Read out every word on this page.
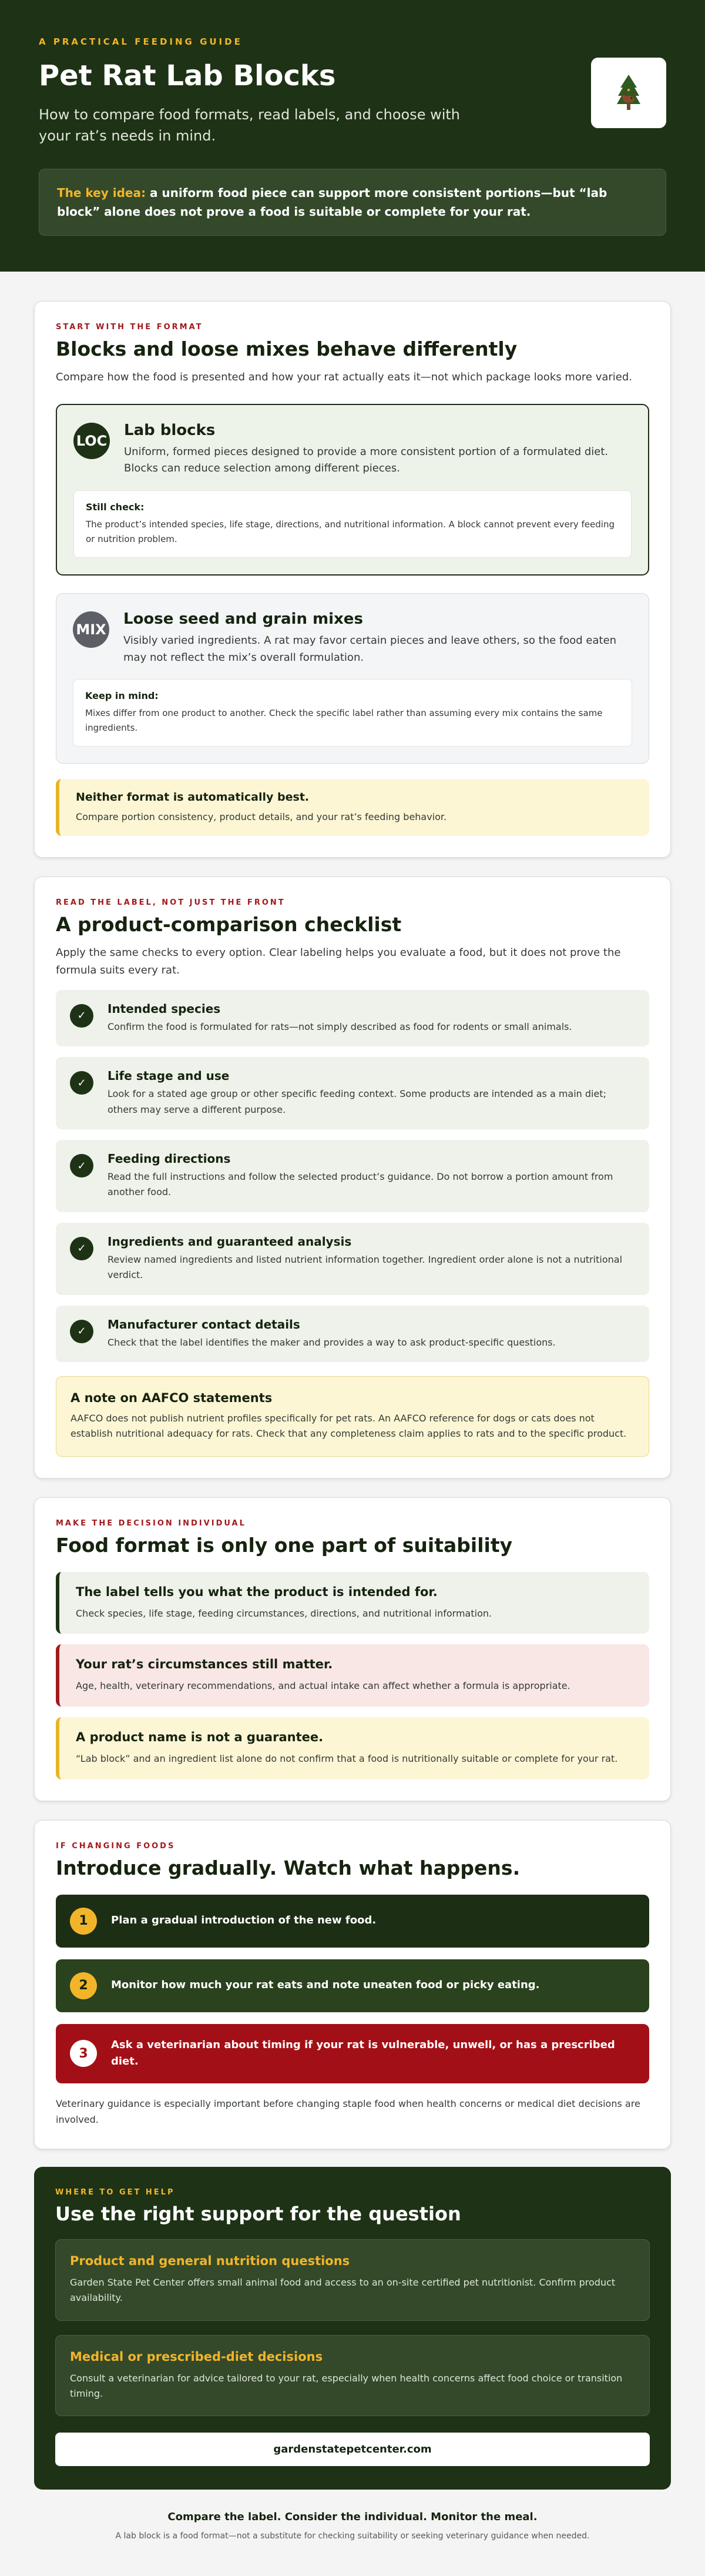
A PRACTICAL FEEDING GUIDE
Pet Rat Lab Blocks

How to compare food formats, read labels, and choose with your rat’s needs in mind.

The key idea: a uniform food piece can support more consistent portions—but “lab block” alone does not prove a food is suitable or complete for your rat.
START WITH THE FORMAT
Blocks and loose mixes behave differently

Compare how the food is presented and how your rat actually eats it—not which package looks more varied.

LOC
Lab blocks

Uniform, formed pieces designed to provide a more consistent portion of a formulated diet. Blocks can reduce selection among different pieces.

Still check:
The product’s intended species, life stage, directions, and nutritional information. A block cannot prevent every feeding or nutrition problem.
MIX
Loose seed and grain mixes

Visibly varied ingredients. A rat may favor certain pieces and leave others, so the food eaten may not reflect the mix’s overall formulation.

Keep in mind:
Mixes differ from one product to another. Check the specific label rather than assuming every mix contains the same ingredients.
Neither format is automatically best.
Compare portion consistency, product details, and your rat’s feeding behavior.
READ THE LABEL, NOT JUST THE FRONT
A product-comparison checklist

Apply the same checks to every option. Clear labeling helps you evaluate a food, but it does not prove the formula suits every rat.

✓	Intended species
Confirm the food is formulated for rats—not simply described as food for rodents or small animals.
✓	Life stage and use
Look for a stated age group or other specific feeding context. Some products are intended as a main diet; others may serve a different purpose.
✓	Feeding directions
Read the full instructions and follow the selected product’s guidance. Do not borrow a portion amount from another food.
✓	Ingredients and guaranteed analysis
Review named ingredients and listed nutrient information together. Ingredient order alone is not a nutritional verdict.
✓	Manufacturer contact details
Check that the label identifies the maker and provides a way to ask product-specific questions.
A note on AAFCO statements
AAFCO does not publish nutrient profiles specifically for pet rats. An AAFCO reference for dogs or cats does not establish nutritional adequacy for rats. Check that any completeness claim applies to rats and to the specific product.
MAKE THE DECISION INDIVIDUAL
Food format is only one part of suitability
The label tells you what the product is intended for.
Check species, life stage, feeding circumstances, directions, and nutritional information.
Your rat’s circumstances still matter.
Age, health, veterinary recommendations, and actual intake can affect whether a formula is appropriate.
A product name is not a guarantee.
“Lab block” and an ingredient list alone do not confirm that a food is nutritionally suitable or complete for your rat.
IF CHANGING FOODS
Introduce gradually. Watch what happens.
1	Plan a gradual introduction of the new food.
2	Monitor how much your rat eats and note uneaten food or picky eating.
3
Ask a veterinarian about timing if your rat is vulnerable, unwell, or has a prescribed diet.

Veterinary guidance is especially important before changing staple food when health concerns or medical diet decisions are involved.

WHERE TO GET HELP
Use the right support for the question
Product and general nutrition questions
Garden State Pet Center offers small animal food and access to an on-site certified pet nutritionist. Confirm product availability.
Medical or prescribed-diet decisions
Consult a veterinarian for advice tailored to your rat, especially when health concerns affect food choice or transition timing.
gardenstatepetcenter.com
Compare the label. Consider the individual. Monitor the meal.
A lab block is a food format—not a substitute for checking suitability or seeking veterinary guidance when needed.
